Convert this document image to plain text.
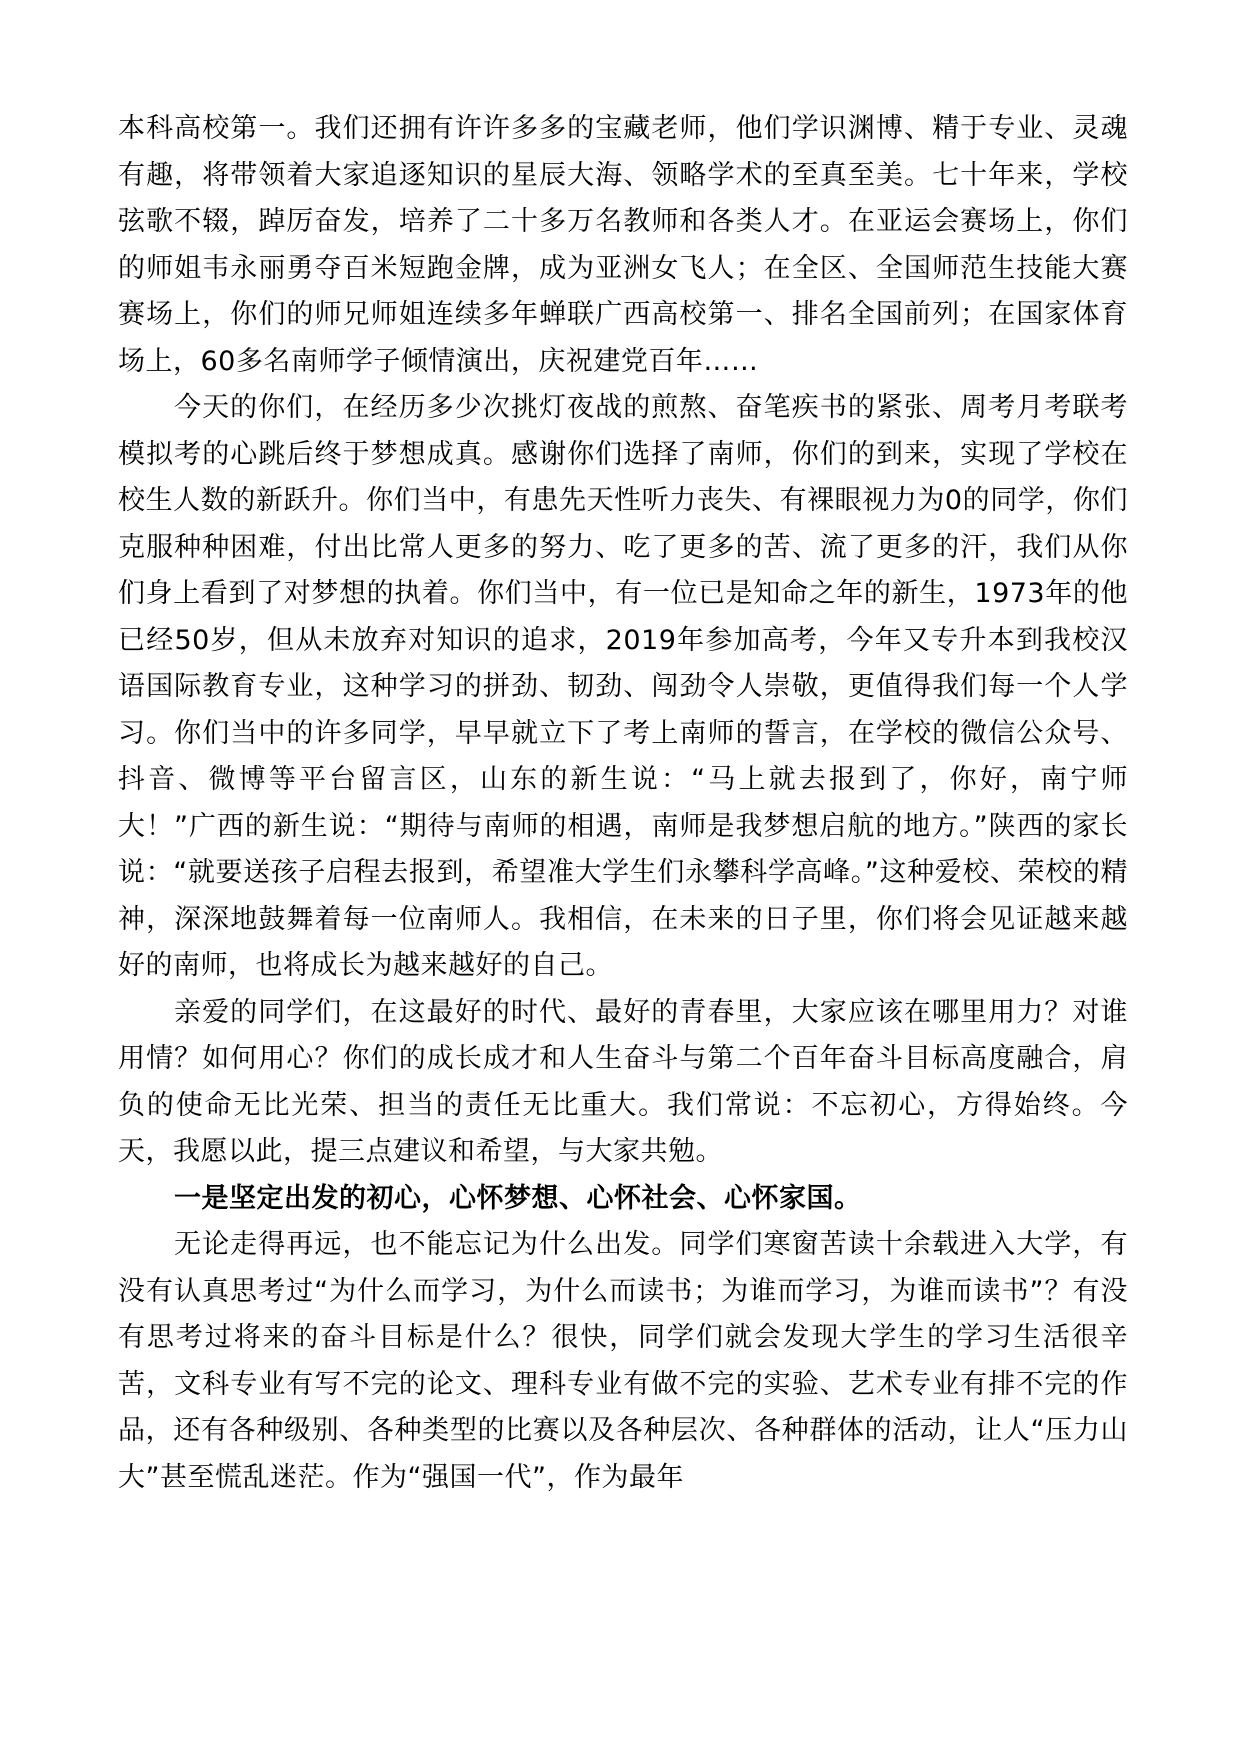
本科高校第一。我们还拥有许许多多的宝藏老师，他们学识渊博、精于专业、灵魂有趣，将带领着大家追逐知识的星辰大海、领略学术的至真至美。七十年来，学校弦歌不辍，踔厉奋发，培养了二十多万名教师和各类人才。在亚运会赛场上，你们的师姐韦永丽勇夺百米短跑金牌，成为亚洲女飞人；在全区、全国师范生技能大赛赛场上，你们的师兄师姐连续多年蝉联广西高校第一、排名全国前列；在国家体育场上，60多名南师学子倾情演出，庆祝建党百年……

今天的你们，在经历多少次挑灯夜战的煎熬、奋笔疾书的紧张、周考月考联考模拟考的心跳后终于梦想成真。感谢你们选择了南师，你们的到来，实现了学校在校生人数的新跃升。你们当中，有患先天性听力丧失、有裸眼视力为0的同学，你们克服种种困难，付出比常人更多的努力、吃了更多的苦、流了更多的汗，我们从你们身上看到了对梦想的执着。你们当中，有一位已是知命之年的新生，1973年的他已经50岁，但从未放弃对知识的追求，2019年参加高考，今年又专升本到我校汉语国际教育专业，这种学习的拼劲、韧劲、闯劲令人崇敬，更值得我们每一个人学习。你们当中的许多同学，早早就立下了考上南师的誓言，在学校的微信公众号、抖音、微博等平台留言区，山东的新生说：“马上就去报到了，你好，南宁师大！”广西的新生说：“期待与南师的相遇，南师是我梦想启航的地方。”陕西的家长说：“就要送孩子启程去报到，希望准大学生们永攀科学高峰。”这种爱校、荣校的精神，深深地鼓舞着每一位南师人。我相信，在未来的日子里，你们将会见证越来越好的南师，也将成长为越来越好的自己。

亲爱的同学们，在这最好的时代、最好的青春里，大家应该在哪里用力？对谁用情？如何用心？你们的成长成才和人生奋斗与第二个百年奋斗目标高度融合，肩负的使命无比光荣、担当的责任无比重大。我们常说：不忘初心，方得始终。今天，我愿以此，提三点建议和希望，与大家共勉。

一是坚定出发的初心，心怀梦想、心怀社会、心怀家国。

无论走得再远，也不能忘记为什么出发。同学们寒窗苦读十余载进入大学，有没有认真思考过“为什么而学习，为什么而读书；为谁而学习，为谁而读书”？有没有思考过将来的奋斗目标是什么？很快，同学们就会发现大学生的学习生活很辛苦，文科专业有写不完的论文、理科专业有做不完的实验、艺术专业有排不完的作品，还有各种级别、各种类型的比赛以及各种层次、各种群体的活动，让人“压力山大”甚至慌乱迷茫。作为“强国一代”，作为最年
